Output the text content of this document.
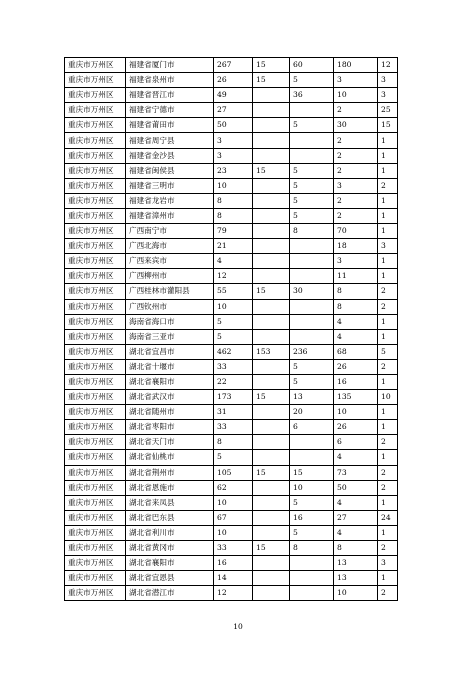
重庆市万州区	福建省厦门市	267	15	60	180	12
重庆市万州区	福建省泉州市	26	15	5	3	3
重庆市万州区	福建省晋江市	49		36	10	3
重庆市万州区	福建省宁德市	27			2	25
重庆市万州区	福建省莆田市	50		5	30	15
重庆市万州区	福建省周宁县	3			2	1
重庆市万州区	福建省金沙县	3			2	1
重庆市万州区	福建省闽侯县	23	15	5	2	1
重庆市万州区	福建省三明市	10		5	3	2
重庆市万州区	福建省龙岩市	8		5	2	1
重庆市万州区	福建省漳州市	8		5	2	1
重庆市万州区	广西南宁市	79		8	70	1
重庆市万州区	广西北海市	21			18	3
重庆市万州区	广西来宾市	4			3	1
重庆市万州区	广西柳州市	12			11	1
重庆市万州区	广西桂林市灌阳县	55	15	30	8	2
重庆市万州区	广西钦州市	10			8	2
重庆市万州区	海南省海口市	5			4	1
重庆市万州区	海南省三亚市	5			4	1
重庆市万州区	湖北省宜昌市	462	153	236	68	5
重庆市万州区	湖北省十堰市	33		5	26	2
重庆市万州区	湖北省襄阳市	22		5	16	1
重庆市万州区	湖北省武汉市	173	15	13	135	10
重庆市万州区	湖北省随州市	31		20	10	1
重庆市万州区	湖北省枣阳市	33		6	26	1
重庆市万州区	湖北省天门市	8			6	2
重庆市万州区	湖北省仙桃市	5			4	1
重庆市万州区	湖北省荆州市	105	15	15	73	2
重庆市万州区	湖北省恩施市	62		10	50	2
重庆市万州区	湖北省来凤县	10		5	4	1
重庆市万州区	湖北省巴东县	67		16	27	24
重庆市万州区	湖北省利川市	10		5	4	1
重庆市万州区	湖北省黄冈市	33	15	8	8	2
重庆市万州区	湖北省襄阳市	16			13	3
重庆市万州区	湖北省宜恩县	14			13	1
重庆市万州区	湖北省潜江市	12			10	2
10
